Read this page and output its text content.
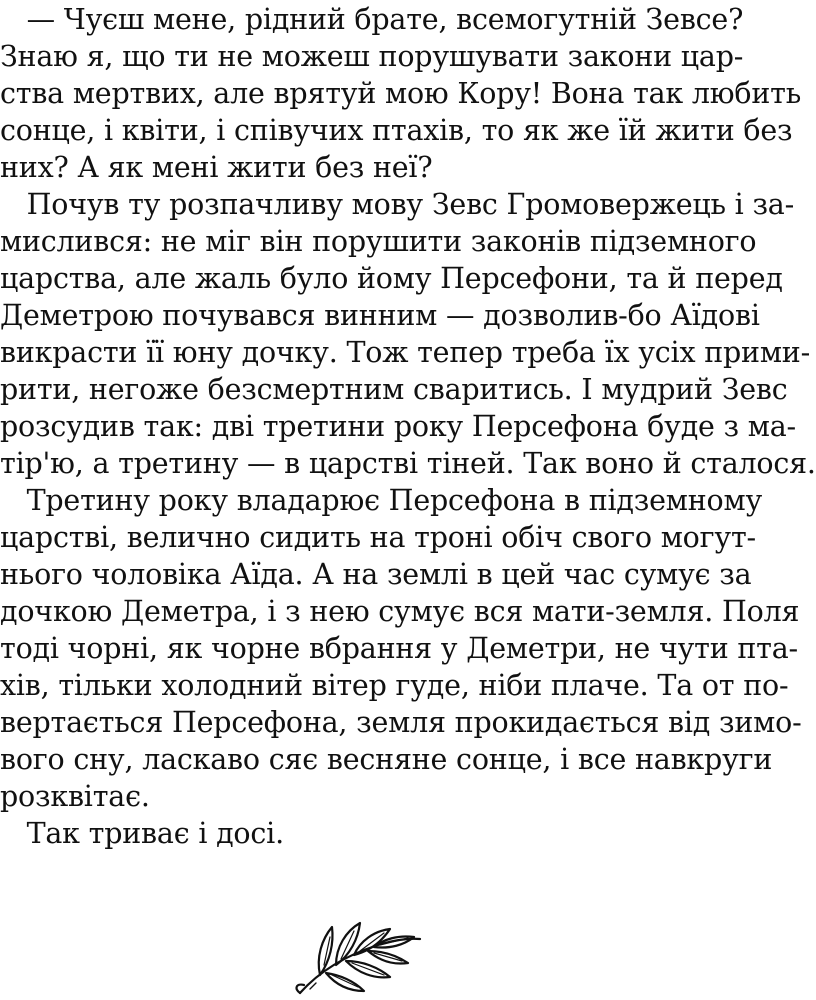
— Чуєш мене, рідний брате, всемогутній Зевсе?
Знаю я, що ти не можеш порушувати закони цар-
ства мертвих, але врятуй мою Кору! Вона так любить
сонце, і квіти, і співучих птахів, то як же їй жити без
них? А як мені жити без неї?
Почув ту розпачливу мову Зевс Громовержець і за-
мислився: не міг він порушити законів підземного
царства, але жаль було йому Персефони, та й перед
Деметрою почувався винним — дозволив-бо Аїдові
викрасти її юну дочку. Тож тепер треба їх усіх прими-
рити, негоже безсмертним сваритись. І мудрий Зевс
розсудив так: дві третини року Персефона буде з ма-
тір'ю, а третину — в царстві тіней. Так воно й сталося.
Третину року владарює Персефона в підземному
царстві, велично сидить на троні обіч свого могут-
нього чоловіка Аїда. А на землі в цей час сумує за
дочкою Деметра, і з нею сумує вся мати-земля. Поля
тоді чорні, як чорне вбрання у Деметри, не чути пта-
хів, тільки холодний вітер гуде, ніби плаче. Та от по-
вертається Персефона, земля прокидається від зимо-
вого сну, ласкаво сяє весняне сонце, і все навкруги
розквітає.
Так триває і досі.
